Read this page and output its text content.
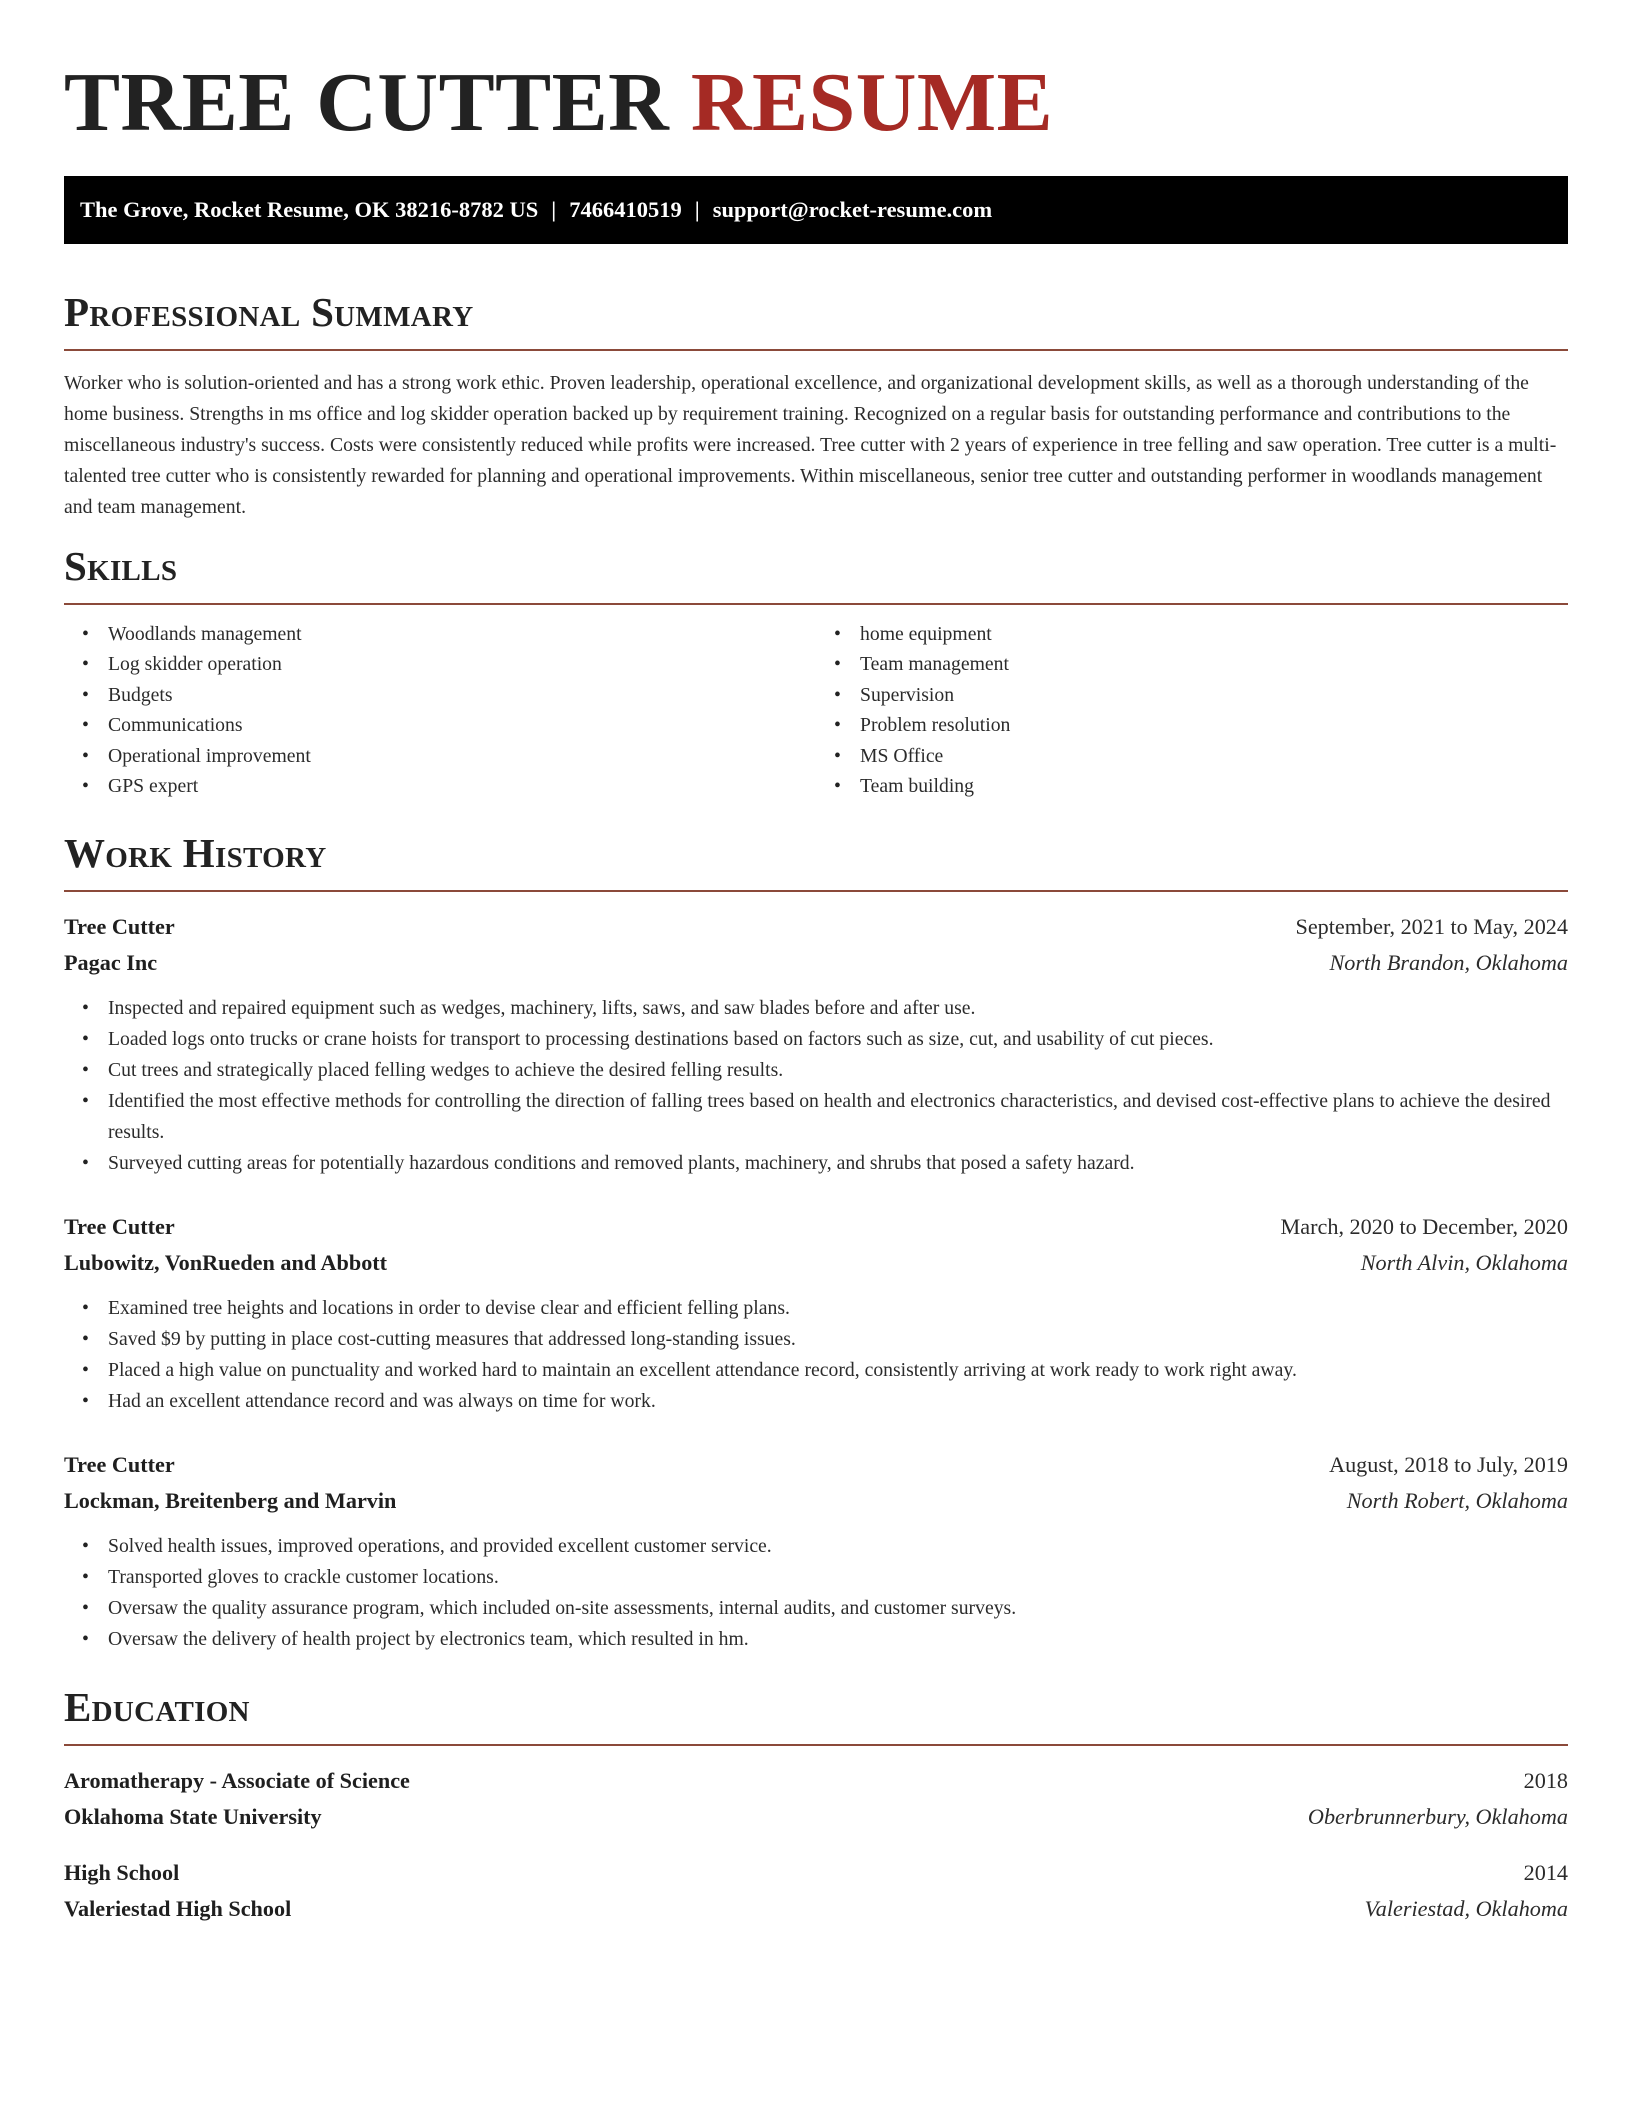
TREE CUTTER RESUME
The Grove, Rocket Resume, OK 38216-8782 US | 7466410519 | support@rocket-resume.com
Professional Summary

Worker who is solution-oriented and has a strong work ethic. Proven leadership, operational excellence, and organizational development skills, as well as a thorough understanding of the home business. Strengths in ms office and log skidder operation backed up by requirement training. Recognized on a regular basis for outstanding performance and contributions to the miscellaneous industry's success. Costs were consistently reduced while profits were increased. Tree cutter with 2 years of experience in tree felling and saw operation. Tree cutter is a multi-talented tree cutter who is consistently rewarded for planning and operational improvements. Within miscellaneous, senior tree cutter and outstanding performer in woodlands management and team management.

Skills
• Woodlands management
• Log skidder operation
• Budgets
• Communications
• Operational improvement
• GPS expert
• home equipment
• Team management
• Supervision
• Problem resolution
• MS Office
• Team building
Work History
Tree Cutter	September, 2021 to May, 2024
Pagac Inc	North Brandon, Oklahoma
• Inspected and repaired equipment such as wedges, machinery, lifts, saws, and saw blades before and after use.
• Loaded logs onto trucks or crane hoists for transport to processing destinations based on factors such as size, cut, and usability of cut pieces.
• Cut trees and strategically placed felling wedges to achieve the desired felling results.
• Identified the most effective methods for controlling the direction of falling trees based on health and electronics characteristics, and devised cost-effective plans to achieve the desired results.
• Surveyed cutting areas for potentially hazardous conditions and removed plants, machinery, and shrubs that posed a safety hazard.
Tree Cutter	March, 2020 to December, 2020
Lubowitz, VonRueden and Abbott	North Alvin, Oklahoma
• Examined tree heights and locations in order to devise clear and efficient felling plans.
• Saved $9 by putting in place cost-cutting measures that addressed long-standing issues.
• Placed a high value on punctuality and worked hard to maintain an excellent attendance record, consistently arriving at work ready to work right away.
• Had an excellent attendance record and was always on time for work.
Tree Cutter	August, 2018 to July, 2019
Lockman, Breitenberg and Marvin	North Robert, Oklahoma
• Solved health issues, improved operations, and provided excellent customer service.
• Transported gloves to crackle customer locations.
• Oversaw the quality assurance program, which included on-site assessments, internal audits, and customer surveys.
• Oversaw the delivery of health project by electronics team, which resulted in hm.
Education
Aromatherapy - Associate of Science	2018
Oklahoma State University	Oberbrunnerbury, Oklahoma
High School	2014
Valeriestad High School	Valeriestad, Oklahoma
